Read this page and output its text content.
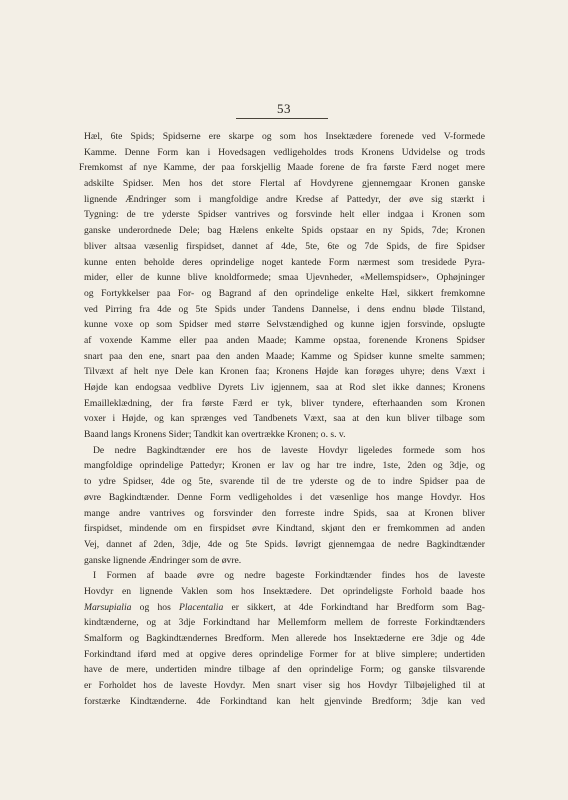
53
Hæl, 6te Spids; Spidserne ere skarpe og som hos Insektædere forenede ved V-formede
Kamme. Denne Form kan i Hovedsagen vedligeholdes trods Kronens Udvidelse og trods
Fremkomst af nye Kamme, der paa forskjellig Maade forene de fra første Færd noget mere
adskilte Spidser. Men hos det store Flertal af Hovdyrene gjennemgaar Kronen ganske
lignende Ændringer som i mangfoldige andre Kredse af Pattedyr, der øve sig stærkt i
Tygning: de tre yderste Spidser vantrives og forsvinde helt eller indgaa i Kronen som
ganske underordnede Dele; bag Hælens enkelte Spids opstaar en ny Spids, 7de; Kronen
bliver altsaa væsenlig firspidset, dannet af 4de, 5te, 6te og 7de Spids, de fire Spidser
kunne enten beholde deres oprindelige noget kantede Form nærmest som tresidede Pyra-
mider, eller de kunne blive knoldformede; smaa Ujevnheder, «Mellemspidser», Ophøjninger
og Fortykkelser paa For- og Bagrand af den oprindelige enkelte Hæl, sikkert fremkomne
ved Pirring fra 4de og 5te Spids under Tandens Dannelse, i dens endnu bløde Tilstand,
kunne voxe op som Spidser med større Selvstændighed og kunne igjen forsvinde, opslugte
af voxende Kamme eller paa anden Maade; Kamme opstaa, forenende Kronens Spidser
snart paa den ene, snart paa den anden Maade; Kamme og Spidser kunne smelte sammen;
Tilvæxt af helt nye Dele kan Kronen faa; Kronens Højde kan forøges uhyre; dens Væxt i
Højde kan endogsaa vedblive Dyrets Liv igjennem, saa at Rod slet ikke dannes; Kronens
Emailleklædning, der fra første Færd er tyk, bliver tyndere, efterhaanden som Kronen
voxer i Højde, og kan sprænges ved Tandbenets Væxt, saa at den kun bliver tilbage som
Baand langs Kronens Sider; Tandkit kan overtrække Kronen; o. s. v.
De nedre Bagkindtænder ere hos de laveste Hovdyr ligeledes formede som hos
mangfoldige oprindelige Pattedyr; Kronen er lav og har tre indre, 1ste, 2den og 3dje, og
to ydre Spidser, 4de og 5te, svarende til de tre yderste og de to indre Spidser paa de
øvre Bagkindtænder. Denne Form vedligeholdes i det væsenlige hos mange Hovdyr. Hos
mange andre vantrives og forsvinder den forreste indre Spids, saa at Kronen bliver
firspidset, mindende om en firspidset øvre Kindtand, skjønt den er fremkommen ad anden
Vej, dannet af 2den, 3dje, 4de og 5te Spids. Iøvrigt gjennemgaa de nedre Bagkindtænder
ganske lignende Ændringer som de øvre.
I Formen af baade øvre og nedre bageste Forkindtænder findes hos de laveste
Hovdyr en lignende Vaklen som hos Insektædere. Det oprindeligste Forhold baade hos
Marsupialia og hos Placentalia er sikkert, at 4de Forkindtand har Bredform som Bag-
kindtænderne, og at 3dje Forkindtand har Mellemform mellem de forreste Forkindtænders
Smalform og Bagkindtændernes Bredform. Men allerede hos Insektæderne ere 3dje og 4de
Forkindtand iførd med at opgive deres oprindelige Former for at blive simplere; undertiden
have de mere, undertiden mindre tilbage af den oprindelige Form; og ganske tilsvarende
er Forholdet hos de laveste Hovdyr. Men snart viser sig hos Hovdyr Tilbøjelighed til at
forstærke Kindtænderne. 4de Forkindtand kan helt gjenvinde Bredform; 3dje kan ved
